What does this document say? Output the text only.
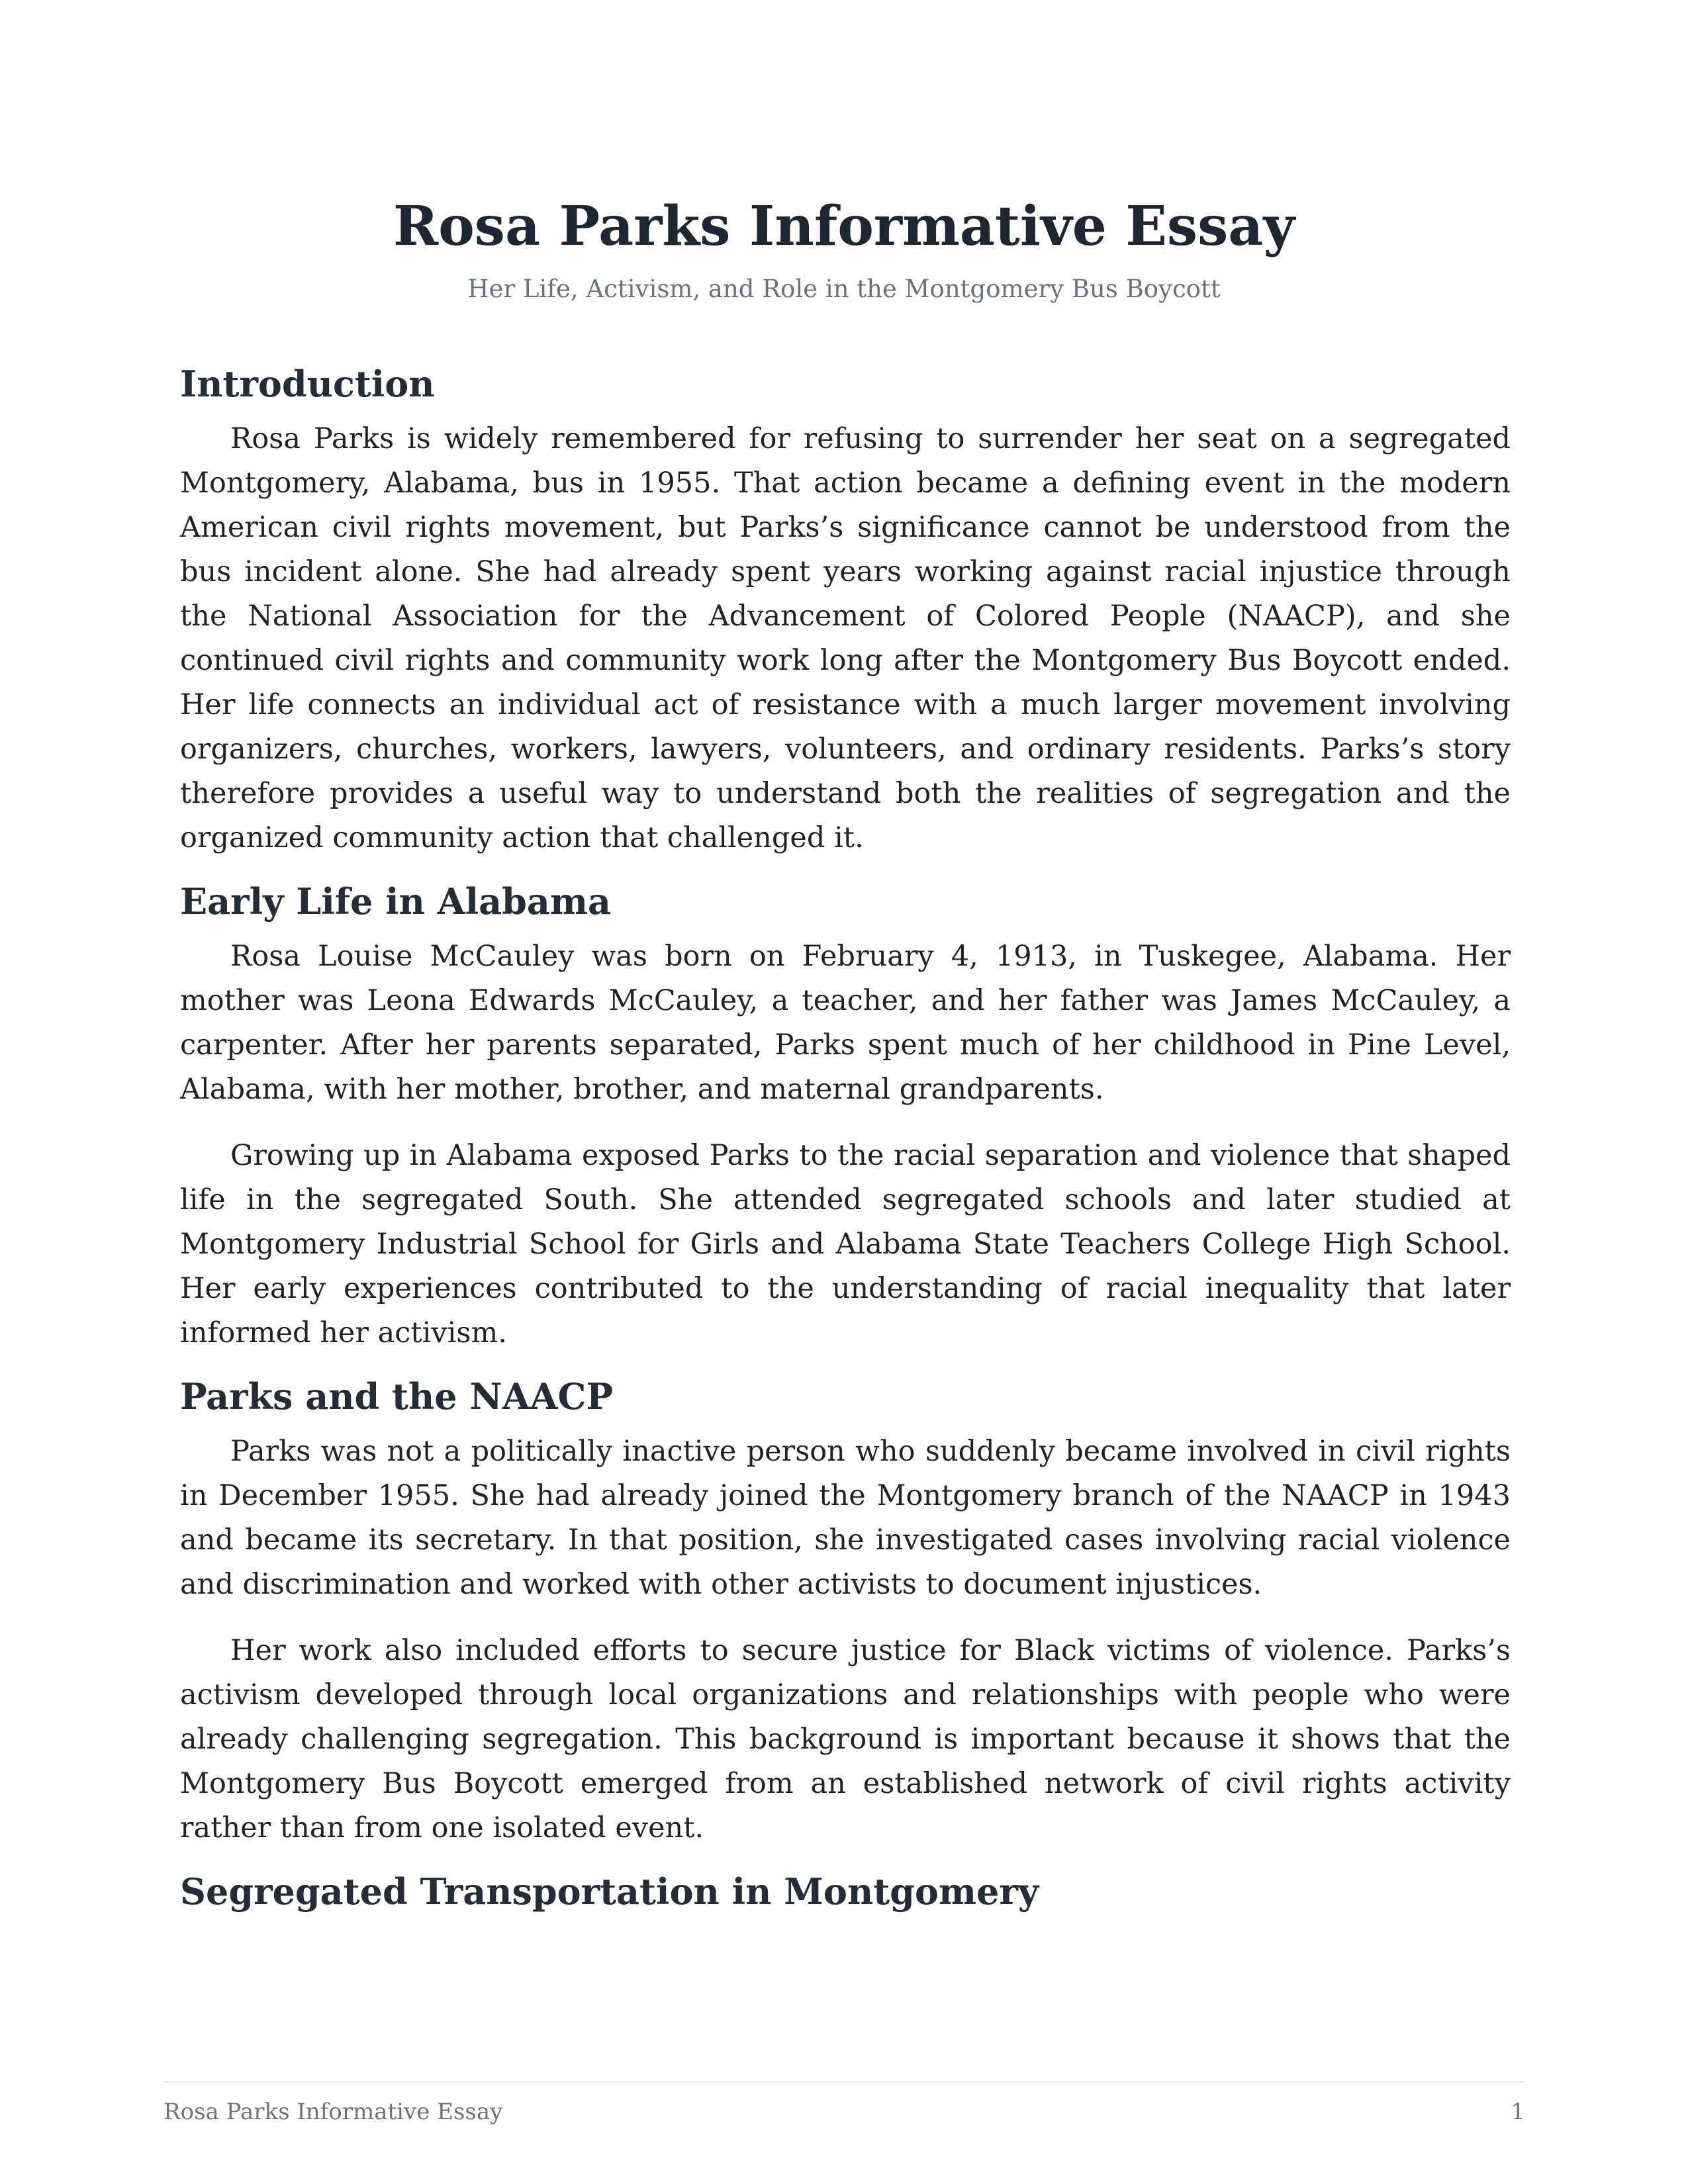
Rosa Parks Informative Essay

Her Life, Activism, and Role in the Montgomery Bus Boycott

Introduction

Rosa Parks is widely remembered for refusing to surrender her seat on a segregated Montgomery, Alabama, bus in 1955. That action became a defining event in the modern American civil rights movement, but Parks’s significance cannot be understood from the bus incident alone. She had already spent years working against racial injustice through the National Association for the Advancement of Colored People (NAACP), and she continued civil rights and community work long after the Montgomery Bus Boycott ended. Her life connects an individual act of resistance with a much larger movement involving organizers, churches, workers, lawyers, volunteers, and ordinary residents. Parks’s story therefore provides a useful way to understand both the realities of segregation and the organized community action that challenged it.

Early Life in Alabama

Rosa Louise McCauley was born on February 4, 1913, in Tuskegee, Alabama. Her mother was Leona Edwards McCauley, a teacher, and her father was James McCauley, a carpenter. After her parents separated, Parks spent much of her childhood in Pine Level, Alabama, with her mother, brother, and maternal grandparents.

Growing up in Alabama exposed Parks to the racial separation and violence that shaped life in the segregated South. She attended segregated schools and later studied at Montgomery Industrial School for Girls and Alabama State Teachers College High School. Her early experiences contributed to the understanding of racial inequality that later informed her activism.

Parks and the NAACP

Parks was not a politically inactive person who suddenly became involved in civil rights in December 1955. She had already joined the Montgomery branch of the NAACP in 1943 and became its secretary. In that position, she investigated cases involving racial violence and discrimination and worked with other activists to document injustices.

Her work also included efforts to secure justice for Black victims of violence. Parks’s activism developed through local organizations and relationships with people who were already challenging segregation. This background is important because it shows that the Montgomery Bus Boycott emerged from an established network of civil rights activity rather than from one isolated event.

Segregated Transportation in Montgomery
Rosa Parks Informative Essay	1
